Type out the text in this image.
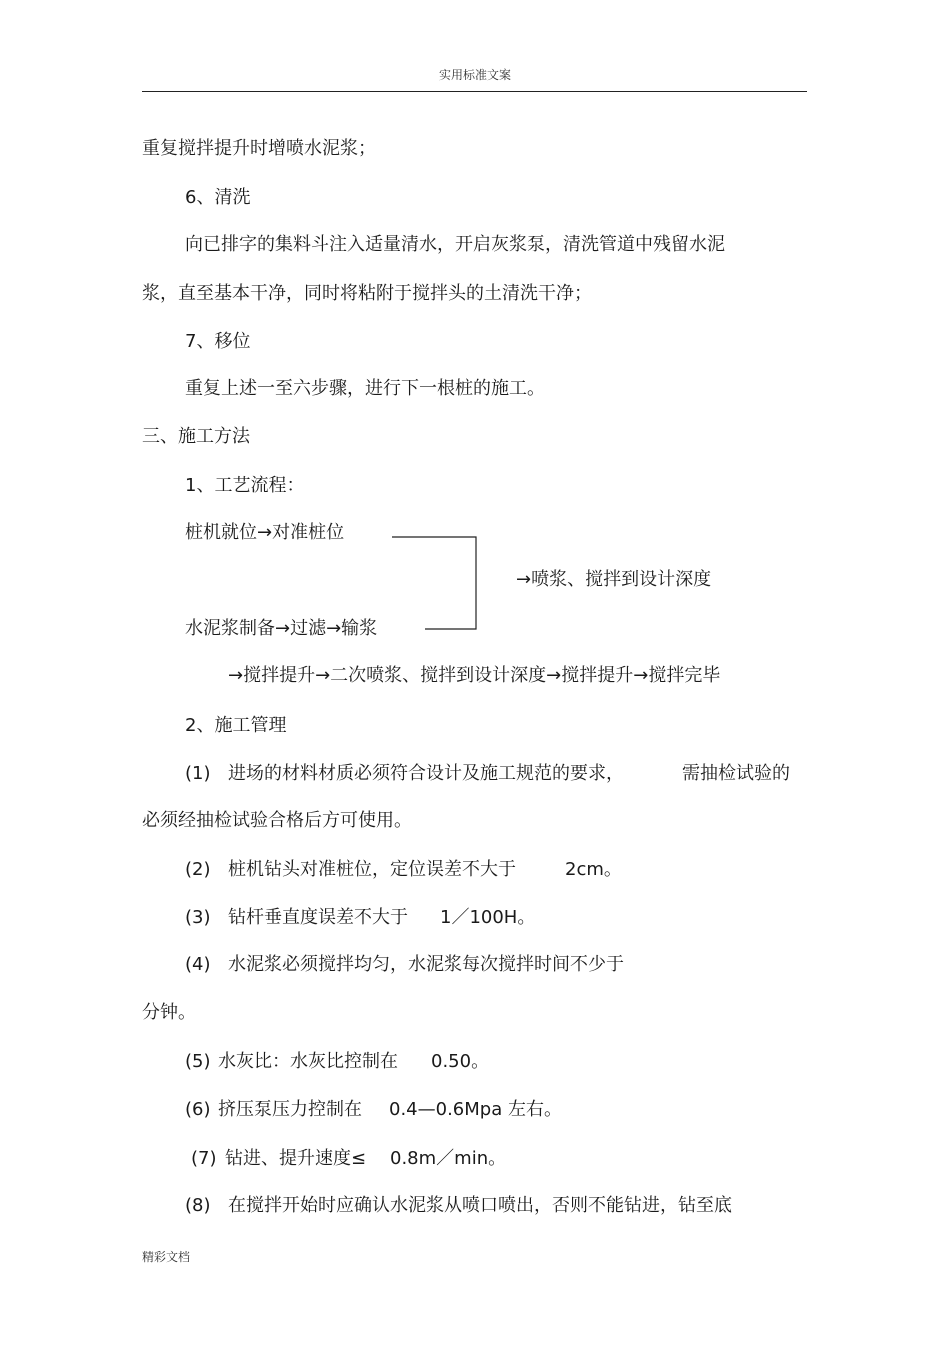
实用标准文案
重复搅拌提升时增喷水泥浆；
6、清洗
向已排字的集料斗注入适量清水，开启灰浆泵，清洗管道中残留水泥
浆，直至基本干净，同时将粘附于搅拌头的土清洗干净；
7、移位
重复上述一至六步骤，进行下一根桩的施工。
三、施工方法
1、工艺流程：
桩机就位→对准桩位
→喷浆、搅拌到设计深度
水泥浆制备→过滤→输浆
→搅拌提升→二次喷浆、搅拌到设计深度→搅拌提升→搅拌完毕
2、施工管理
(1) 进场的材料材质必须符合设计及施工规范的要求，	需抽检试验的
必须经抽检试验合格后方可使用。
(2) 桩机钻头对准桩位，定位误差不大于	2cm。
(3) 钻杆垂直度误差不大于 1／100H。
(4) 水泥浆必须搅拌均匀，水泥浆每次搅拌时间不少于
分钟。
(5) 水灰比：水灰比控制在 0.50。
(6) 挤压泵压力控制在 0.4—0.6Mpa 左右。
(7) 钻进、提升速度≤ 0.8m／min。
(8) 在搅拌开始时应确认水泥浆从喷口喷出，否则不能钻进，钻至底
精彩文档
